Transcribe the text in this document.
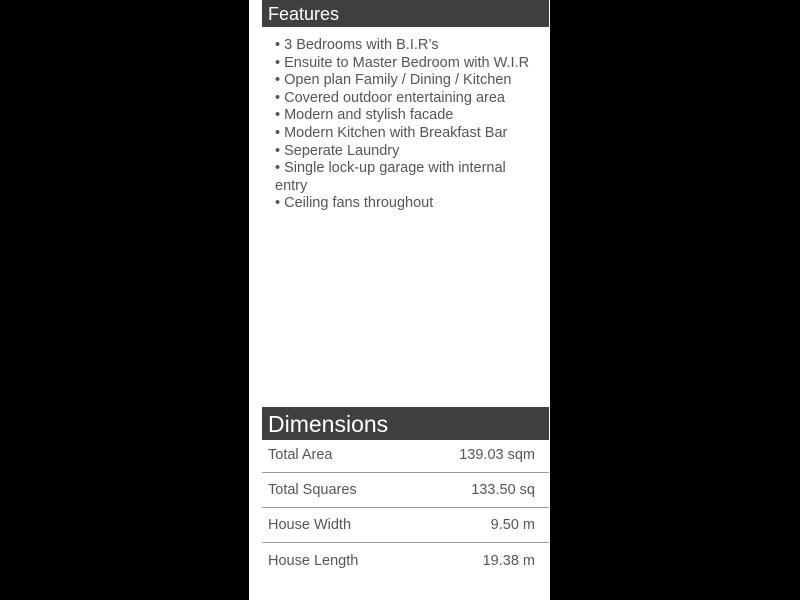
Features
• 3 Bedrooms with B.I.R’s
• Ensuite to Master Bedroom with W.I.R
• Open plan Family / Dining / Kitchen
• Covered outdoor entertaining area
• Modern and stylish facade
• Modern Kitchen with Breakfast Bar
• Seperate Laundry
• Single lock-up garage with internal entry
• Ceiling fans throughout
Dimensions
Total Area	139.03 sqm
Total Squares	133.50 sq
House Width	9.50 m
House Length	19.38 m
